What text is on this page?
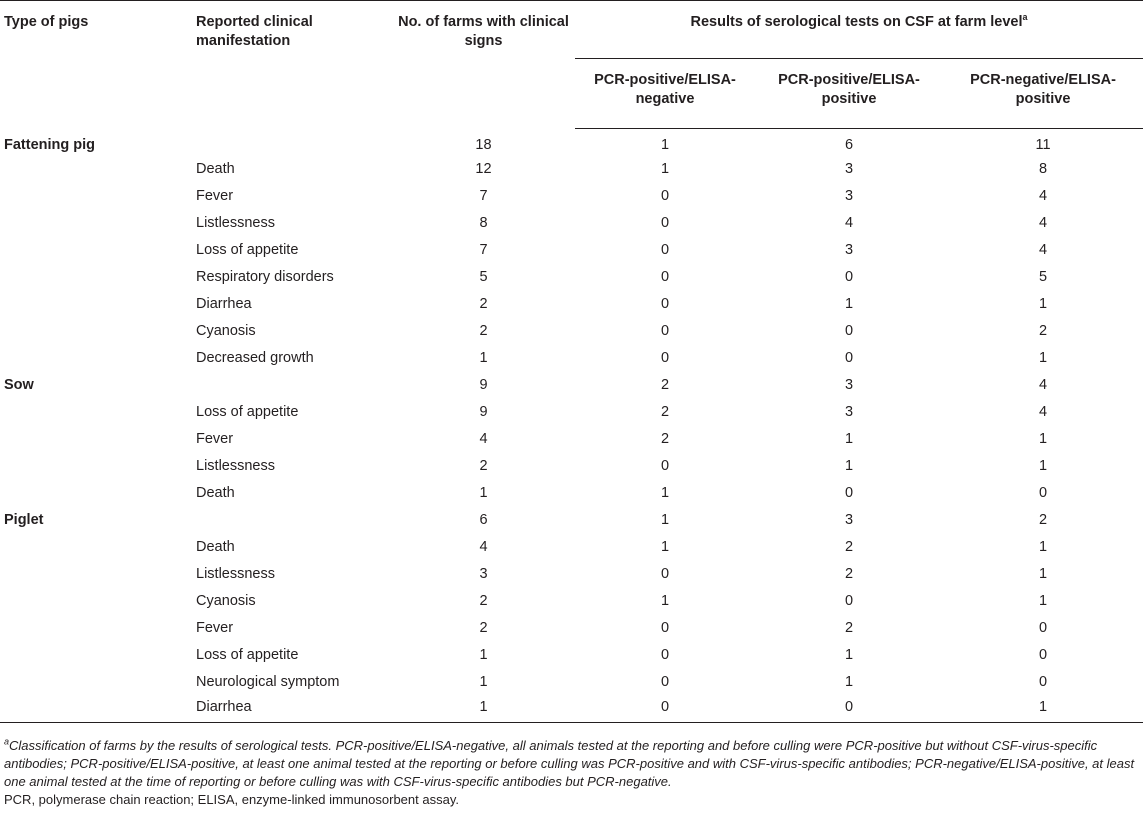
Type of pigs	Reported clinical manifestation	No. of farms with clinical signs	Results of serological tests on CSF at farm level$^a$
			PCR-positive/ELISA-negative	PCR-positive/ELISA-positive	PCR-negative/ELISA-positive
Fattening pig		18	1	6	11
	Death	12	1	3	8
	Fever	7	0	3	4
	Listlessness	8	0	4	4
	Loss of appetite	7	0	3	4
	Respiratory disorders	5	0	0	5
	Diarrhea	2	0	1	1
	Cyanosis	2	0	0	2
	Decreased growth	1	0	0	1
Sow		9	2	3	4
	Loss of appetite	9	2	3	4
	Fever	4	2	1	1
	Listlessness	2	0	1	1
	Death	1	1	0	0
Piglet		6	1	3	2
	Death	4	1	2	1
	Listlessness	3	0	2	1
	Cyanosis	2	1	0	1
	Fever	2	0	2	0
	Loss of appetite	1	0	1	0
	Neurological symptom	1	0	1	0
	Diarrhea	1	0	0	1

$^a$Classification of farms by the results of serological tests. PCR-positive/ELISA-negative, all animals tested at the reporting and before culling were PCR-positive but without CSF-virus-specific antibodies; PCR-positive/ELISA-positive, at least one animal tested at the reporting or before culling was PCR-positive and with CSF-virus-specific antibodies; PCR-negative/ELISA-positive, at least one animal tested at the time of reporting or before culling was with CSF-virus-specific antibodies but PCR-negative.

PCR, polymerase chain reaction; ELISA, enzyme-linked immunosorbent assay.
